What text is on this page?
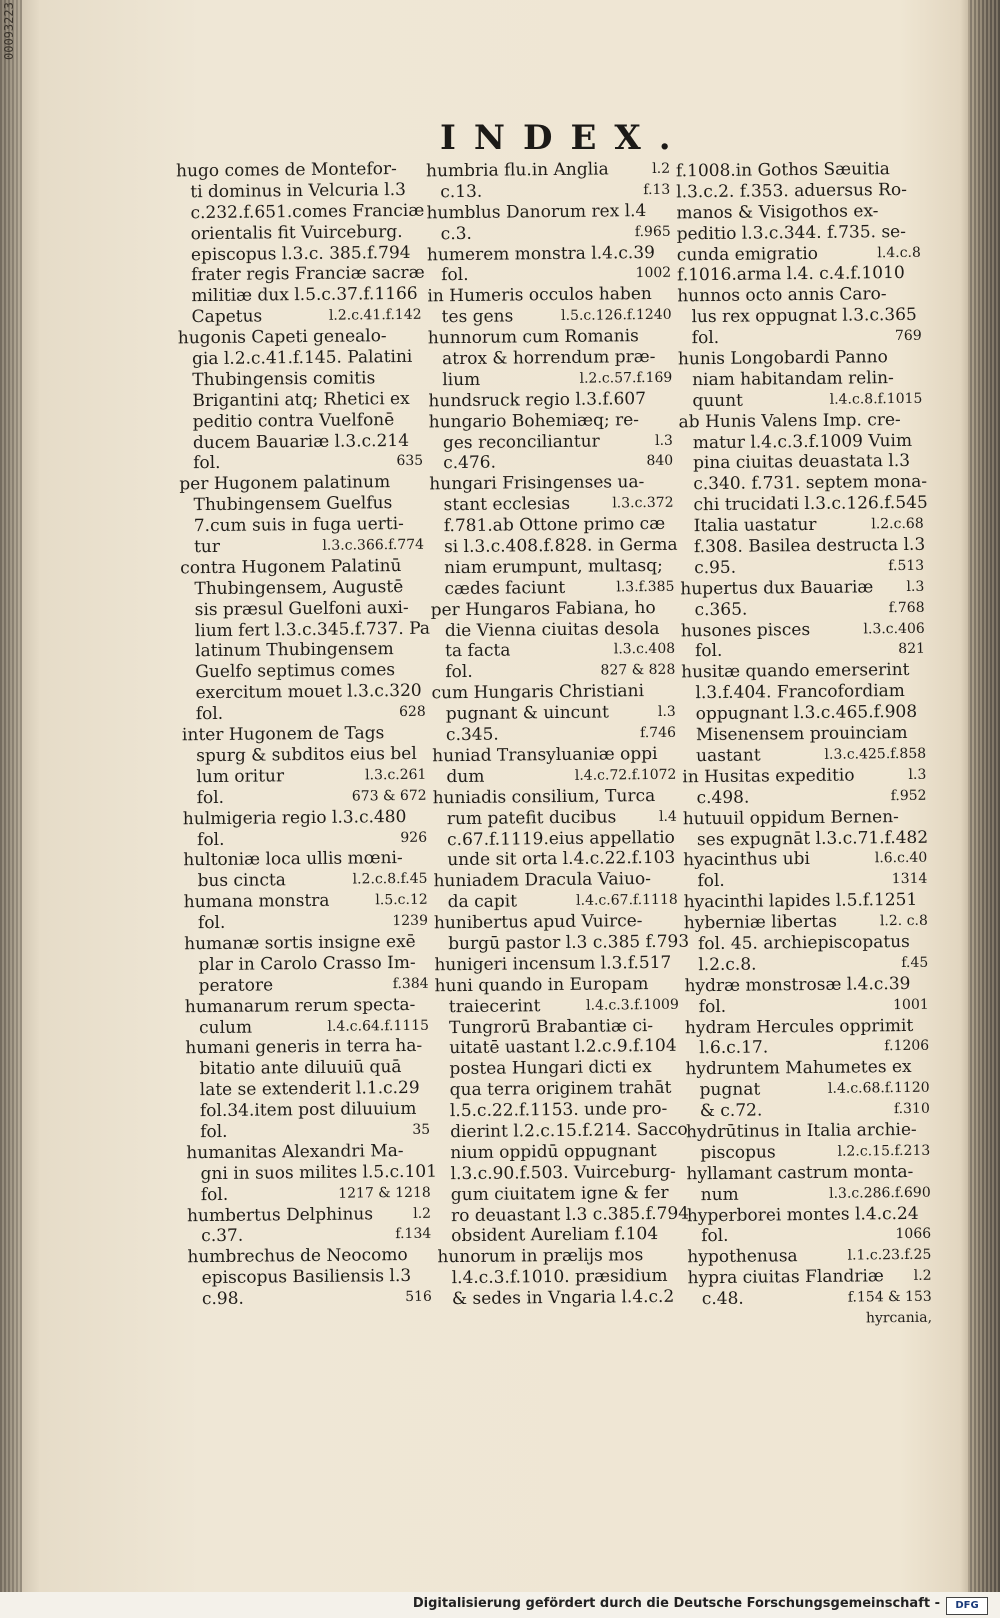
00093223
INDEX.
hugo comes de Montefor-
ti dominus in Velcuria l.3
c.232.f.651.comes Franciæ
orientalis fit Vuirceburg.
episcopus l.3.c. 385.f.794
frater regis Franciæ sacræ
militiæ dux l.5.c.37.f.1166
Capetus	l.2.c.41.f.142
hugonis Capeti genealo-
gia l.2.c.41.f.145. Palatini
Thubingensis comitis
Brigantini atq; Rhetici ex
peditio contra Vuelfonē
ducem Bauariæ l.3.c.214
fol.	635
per Hugonem palatinum
Thubingensem Guelfus
7.cum suis in fuga uerti-
tur	l.3.c.366.f.774
contra Hugonem Palatinū
Thubingensem, Augustē
sis præsul Guelfoni auxi-
lium fert l.3.c.345.f.737. Pa
latinum Thubingensem
Guelfo septimus comes
exercitum mouet l.3.c.320
fol.	628
inter Hugonem de Tags
spurg & subditos eius bel
lum oritur	l.3.c.261
fol.	673 & 672
hulmigeria regio l.3.c.480
fol.	926
hultoniæ loca ullis mœni-
bus cincta	l.2.c.8.f.45
humana monstra	l.5.c.12
fol.	1239
humanæ sortis insigne exē
plar in Carolo Crasso Im-
peratore	f.384
humanarum rerum specta-
culum	l.4.c.64.f.1115
humani generis in terra ha-
bitatio ante diluuiū quā
late se extenderit l.1.c.29
fol.34.item post diluuium
fol.	35
humanitas Alexandri Ma-
gni in suos milites l.5.c.101
fol.	1217 & 1218
humbertus Delphinus	l.2
c.37.	f.134
humbrechus de Neocomo
episcopus Basiliensis l.3
c.98.	516
humbria flu.in Anglia	l.2
c.13.	f.13
humblus Danorum rex l.4
c.3.	f.965
humerem monstra l.4.c.39
fol.	1002
in Humeris occulos haben
tes gens	l.5.c.126.f.1240
hunnorum cum Romanis
atrox & horrendum præ-
lium	l.2.c.57.f.169
hundsruck regio l.3.f.607
hungario Bohemiæq; re-
ges reconciliantur	l.3
c.476.	840
hungari Frisingenses ua-
stant ecclesias	l.3.c.372
f.781.ab Ottone primo cæ
si l.3.c.408.f.828. in Germa
niam erumpunt, multasq;
cædes faciunt	l.3.f.385
per Hungaros Fabiana, ho
die Vienna ciuitas desola
ta facta	l.3.c.408
fol.	827 & 828
cum Hungaris Christiani
pugnant & uincunt	l.3
c.345.	f.746
huniad Transyluaniæ oppi
dum	l.4.c.72.f.1072
huniadis consilium, Turca
rum patefit ducibus	l.4
c.67.f.1119.eius appellatio
unde sit orta l.4.c.22.f.103
huniadem Dracula Vaiuo-
da capit	l.4.c.67.f.1118
hunibertus apud Vuirce-
burgū pastor l.3 c.385 f.793
hunigeri incensum l.3.f.517
huni quando in Europam
traiecerint	l.4.c.3.f.1009
Tungrorū Brabantiæ ci-
uitatē uastant l.2.c.9.f.104
postea Hungari dicti ex
qua terra originem trahāt
l.5.c.22.f.1153. unde pro-
dierint l.2.c.15.f.214. Sacco
nium oppidū oppugnant
l.3.c.90.f.503. Vuirceburg-
gum ciuitatem igne & fer
ro deuastant l.3 c.385.f.794
obsident Aureliam f.104
hunorum in prælijs mos
l.4.c.3.f.1010. præsidium
& sedes in Vngaria l.4.c.2
f.1008.in Gothos Sæuitia
l.3.c.2. f.353. aduersus Ro-
manos & Visigothos ex-
peditio l.3.c.344. f.735. se-
cunda emigratio	l.4.c.8
f.1016.arma l.4. c.4.f.1010
hunnos octo annis Caro-
lus rex oppugnat l.3.c.365
fol.	769
hunis Longobardi Panno
niam habitandam relin-
quunt	l.4.c.8.f.1015
ab Hunis Valens Imp. cre-
matur l.4.c.3.f.1009 Vuim
pina ciuitas deuastata l.3
c.340. f.731. septem mona-
chi trucidati l.3.c.126.f.545
Italia uastatur	l.2.c.68
f.308. Basilea destructa l.3
c.95.	f.513
hupertus dux Bauariæ l.3
c.365.	f.768
husones pisces	l.3.c.406
fol.	821
husitæ quando emerserint
l.3.f.404. Francofordiam
oppugnant l.3.c.465.f.908
Misenensem prouinciam
uastant	l.3.c.425.f.858
in Husitas expeditio	l.3
c.498.	f.952
hutuuil oppidum Bernen-
ses expugnāt l.3.c.71.f.482
hyacinthus ubi	l.6.c.40
fol.	1314
hyacinthi lapides l.5.f.1251
hyberniæ libertas	l.2. c.8
fol. 45. archiepiscopatus
l.2.c.8.	f.45
hydræ monstrosæ l.4.c.39
fol.	1001
hydram Hercules opprimit
l.6.c.17.	f.1206
hydruntem Mahumetes ex
pugnat	l.4.c.68.f.1120
& c.72.	f.310
hydrūtinus in Italia archie-
piscopus	l.2.c.15.f.213
hyllamant castrum monta-
num	l.3.c.286.f.690
hyperborei montes l.4.c.24
fol.	1066
hypothenusa	l.1.c.23.f.25
hypra ciuitas Flandriæ l.2
c.48.	f.154 & 153
hyrcania,
Digitalisierung gefördert durch die Deutsche Forschungsgemeinschaft -	DFG
